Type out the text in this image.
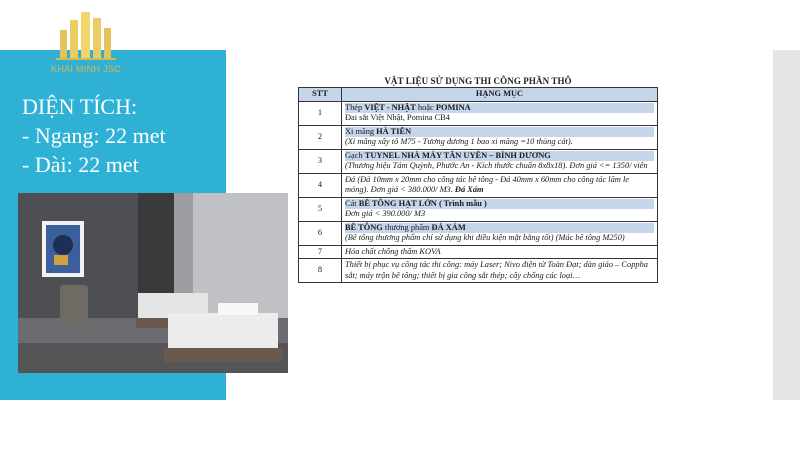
KHAI MINH JSC
DIỆN TÍCH:
- Ngang: 22 met
- Dài: 22 met
VẬT LIỆU SỬ DỤNG THI CÔNG PHẦN THÔ
STT	HẠNG MỤC
1	Thép VIỆT - NHẬT hoặc POMINA
Đai sắt Việt Nhật, Pomina CB4

2	Xi măng HÀ TIÊN
(Xi măng xây tô M75 - Tương đương 1 bao xi măng =10 thùng cát).

3	Gạch TUYNEL NHÀ MÁY TÂN UYÊN – BÌNH DƯƠNG
(Thương hiệu Tám Quỳnh, Phước An - Kích thước chuẩn 8x8x18). Đơn giá <= 1350/ viên

4	Đá (Đá 10mm x 20mm cho công tác bê tông - Đá 40mm x 60mm cho công tác lăm le móng). Đơn giá < 380.000/ M3. Đá Xám
5	Cát BÊ TÔNG HẠT LỚN ( Trình mẫu )
Đơn giá < 390.000/ M3

6	BÊ TÔNG thương phẩm ĐÁ XÁM
(Bê tông thương phẩm chỉ sử dụng khi điều kiện mặt bằng tốt) (Mác bê tông M250)

7	Hóa chất chống thấm KOVA
8	Thiết bị phục vụ công tác thi công: máy Laser; Nivo điện tử Toàn Đạt; dàn giáo – Coppha sắt; máy trộn bê tông; thiết bị gia công sắt thép; cây chống các loại…
